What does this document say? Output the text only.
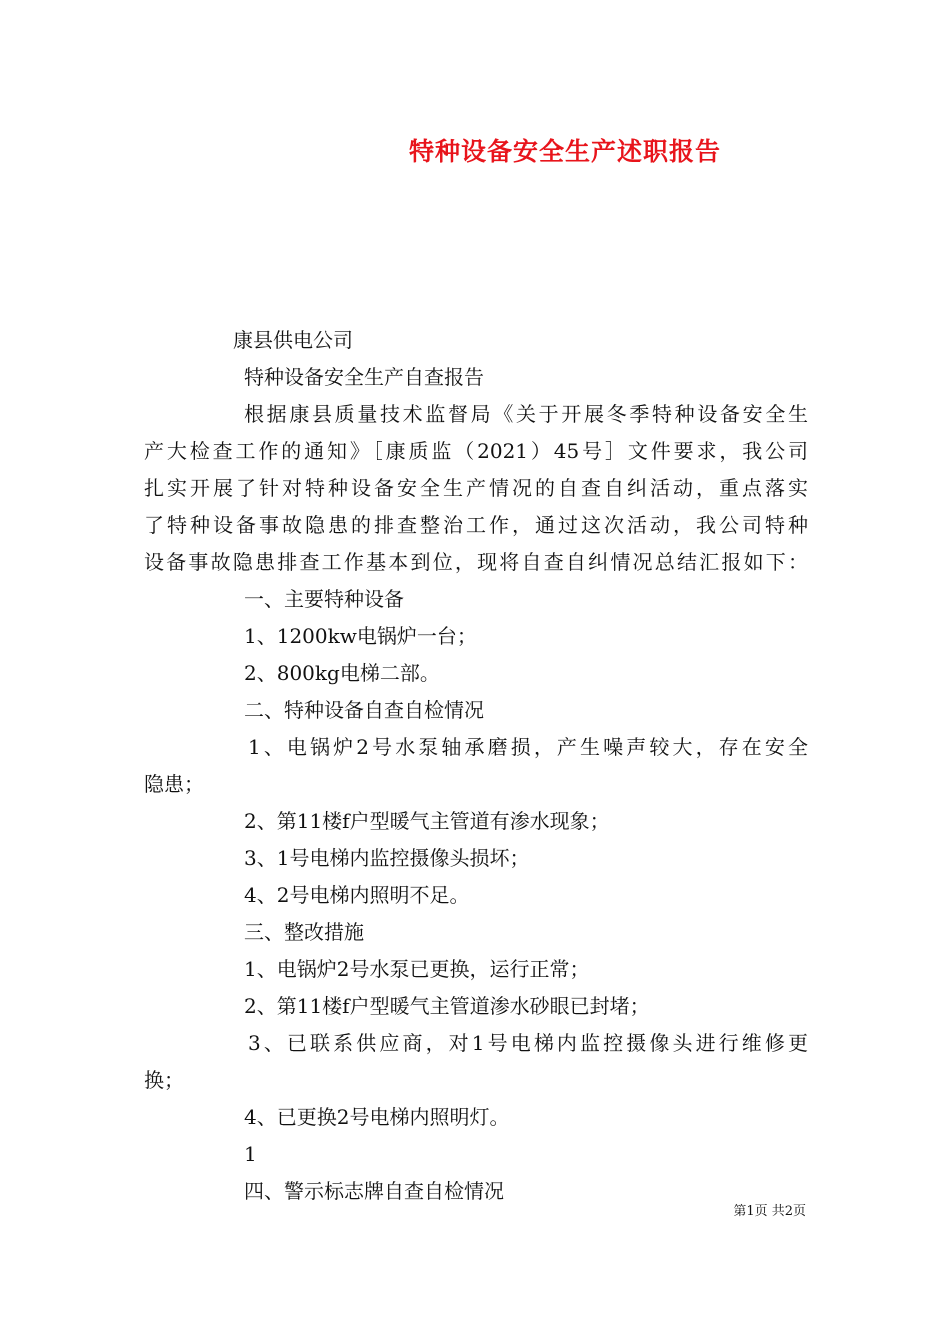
特种设备安全生产述职报告
康县供电公司
特种设备安全生产自查报告
根据康县质量技术监督局《关于开展冬季特种设备安全生
产大检查工作的通知》［康质监（2021）45号］文件要求，我公司
扎实开展了针对特种设备安全生产情况的自查自纠活动，重点落实
了特种设备事故隐患的排查整治工作，通过这次活动，我公司特种
设备事故隐患排查工作基本到位，现将自查自纠情况总结汇报如下：
一、主要特种设备
1、1200kw电锅炉一台；
2、800kg电梯二部。
二、特种设备自查自检情况
1、电锅炉2号水泵轴承磨损，产生噪声较大，存在安全
隐患；
2、第11楼f户型暖气主管道有渗水现象；
3、1号电梯内监控摄像头损坏；
4、2号电梯内照明不足。
三、整改措施
1、电锅炉2号水泵已更换，运行正常；
2、第11楼f户型暖气主管道渗水砂眼已封堵；
3、已联系供应商，对1号电梯内监控摄像头进行维修更
换；
4、已更换2号电梯内照明灯。
1
四、警示标志牌自查自检情况
第1页 共2页
